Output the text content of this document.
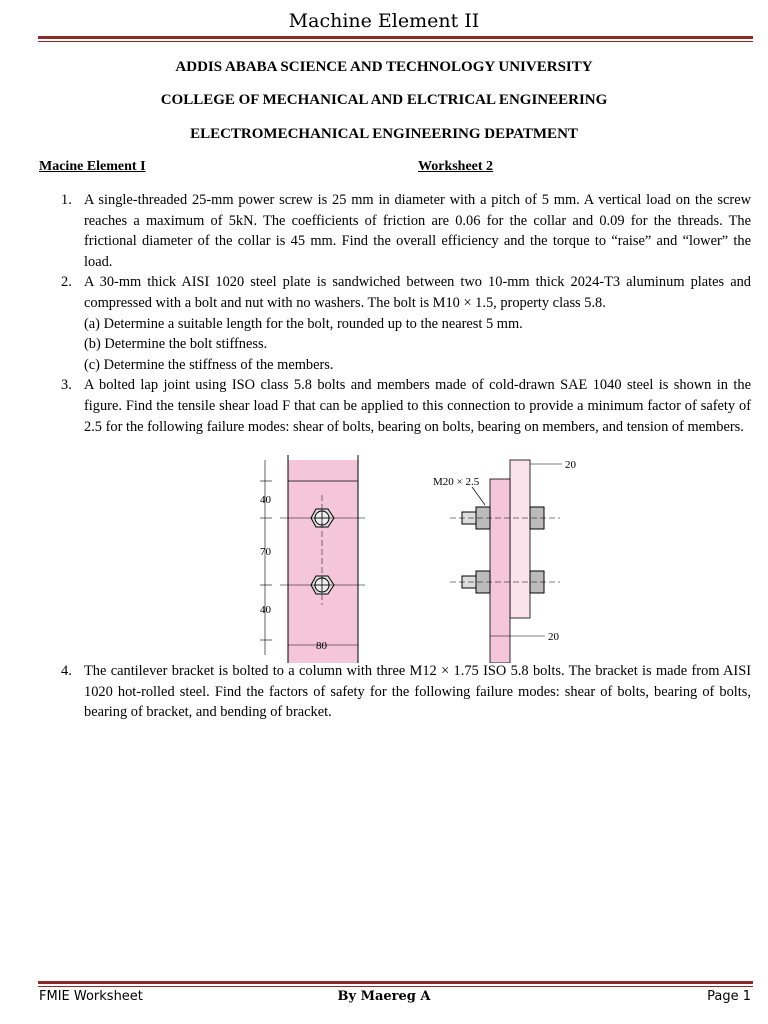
Machine Element II
ADDIS ABABA SCIENCE AND TECHNOLOGY UNIVERSITY
COLLEGE OF MECHANICAL AND ELCTRICAL ENGINEERING
ELECTROMECHANICAL ENGINEERING DEPATMENT
Macine Element I	Worksheet 2
1. A single-threaded 25-mm power screw is 25 mm in diameter with a pitch of 5 mm. A vertical load on the screw reaches a maximum of 5kN. The coefficients of friction are 0.06 for the collar and 0.09 for the threads. The frictional diameter of the collar is 45 mm. Find the overall efficiency and the torque to “raise” and “lower” the load.
2. A 30-mm thick AISI 1020 steel plate is sandwiched between two 10-mm thick 2024-T3 aluminum plates and compressed with a bolt and nut with no washers. The bolt is M10 × 1.5, property class 5.8.
(a) Determine a suitable length for the bolt, rounded up to the nearest 5 mm.
(b) Determine the bolt stiffness.
(c) Determine the stiffness of the members.
3. A bolted lap joint using ISO class 5.8 bolts and members made of cold-drawn SAE 1040 steel is shown in the figure. Find the tensile shear load F that can be applied to this connection to provide a minimum factor of safety of 2.5 for the following failure modes: shear of bolts, bearing on bolts, bearing on members, and tension of members.
4. The cantilever bracket is bolted to a column with three M12 × 1.75 ISO 5.8 bolts. The bracket is made from AISI 1020 hot-rolled steel. Find the factors of safety for the following failure modes: shear of bolts, bearing of bolts, bearing of bracket, and bending of bracket.
40
70
40
80
M20 × 2.5
20
20
FMIE Worksheet	By Maereg A	Page 1
